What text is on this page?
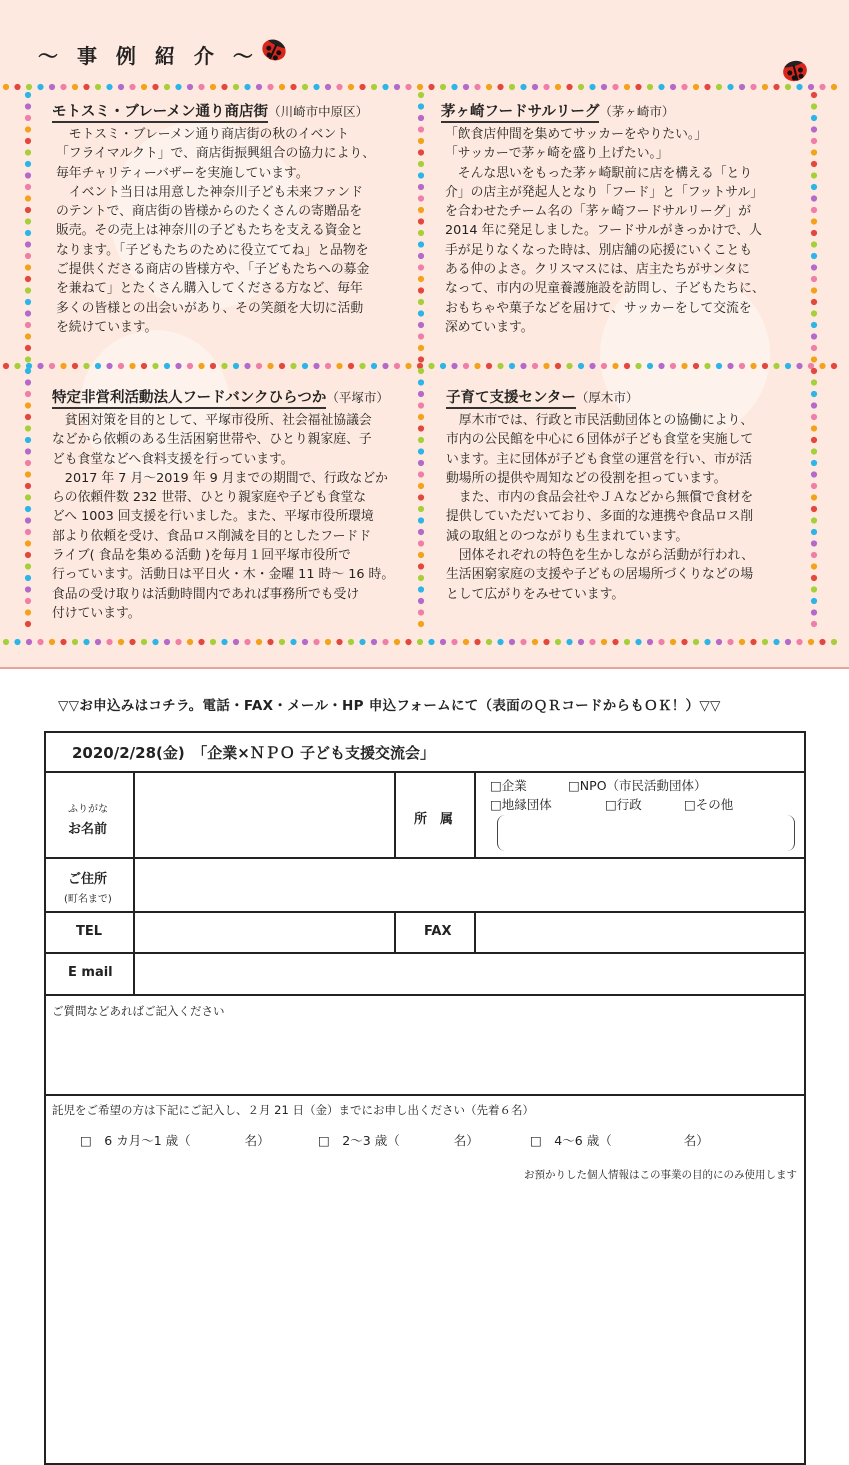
～ 事 例 紹 介 ～
モトスミ・ブレーメン通り商店街（川崎市中原区）

　モトスミ・ブレーメン通り商店街の秋のイベント

「フライマルクト」で、商店街振興組合の協力により、

毎年チャリティーバザーを実施しています。

　イベント当日は用意した神奈川子ども未来ファンド

のテントで、商店街の皆様からのたくさんの寄贈品を

販売。その売上は神奈川の子どもたちを支える資金と

なります。「子どもたちのために役立ててね」と品物を

ご提供くださる商店の皆様方や、「子どもたちへの募金

を兼ねて」とたくさん購入してくださる方など、毎年

多くの皆様との出会いがあり、その笑顔を大切に活動

を続けています。

茅ヶ崎フードサルリーグ（茅ヶ崎市）

「飲食店仲間を集めてサッカーをやりたい。」

「サッカーで茅ヶ崎を盛り上げたい。」

　そんな思いをもった茅ヶ崎駅前に店を構える「とり

介」の店主が発起人となり「フード」と「フットサル」

を合わせたチーム名の「茅ヶ崎フードサルリーグ」が

2014 年に発足しました。フードサルがきっかけで、人

手が足りなくなった時は、別店舗の応援にいくことも

ある仲のよさ。クリスマスには、店主たちがサンタに

なって、市内の児童養護施設を訪問し、子どもたちに、

おもちゃや菓子などを届けて、サッカーをして交流を

深めています。

特定非営利活動法人フードバンクひらつか（平塚市）

　貧困対策を目的として、平塚市役所、社会福祉協議会

などから依頼のある生活困窮世帯や、ひとり親家庭、子

ども食堂などへ食料支援を行っています。

　2017 年 7 月～2019 年 9 月までの期間で、行政などか

らの依頼件数 232 世帯、ひとり親家庭や子ども食堂な

どへ 1003 回支援を行いました。また、平塚市役所環境

部より依頼を受け、食品ロス削減を目的としたフードド

ライブ( 食品を集める活動 )を毎月１回平塚市役所で

行っています。活動日は平日火・木・金曜 11 時～ 16 時。

食品の受け取りは活動時間内であれば事務所でも受け

付けています。

子育て支援センター（厚木市）

　厚木市では、行政と市民活動団体との協働により、

市内の公民館を中心に６団体が子ども食堂を実施して

います。主に団体が子ども食堂の運営を行い、市が活

動場所の提供や周知などの役割を担っています。

　また、市内の食品会社やＪＡなどから無償で食材を

提供していただいており、多面的な連携や食品ロス削

減の取組とのつながりも生まれています。

　団体それぞれの特色を生かしながら活動が行われ、

生活困窮家庭の支援や子どもの居場所づくりなどの場

として広がりをみせています。

▽▽お申込みはコチラ。電話・FAX・メール・HP 申込フォームにて（表面のＱＲコードからもＯＫ！）▽▽
2020/2/28(金)　「企業×ＮＰＯ 子ども支援交流会」
ふりがな
お名前
所　属
□企業	□NPO（市民活動団体）
□地縁団体	□行政	□その他
ご住所
(町名まで)
TEL	FAX
E mail
ご質問などあればご記入ください
託児をご希望の方は下記にご記入し、２月 21 日（金）までにお申し出ください（先着６名）
□　6 カ月～1 歳（	名）	□　2～3 歳（	名）	□　4～6 歳（	名）
お預かりした個人情報はこの事業の目的にのみ使用します
